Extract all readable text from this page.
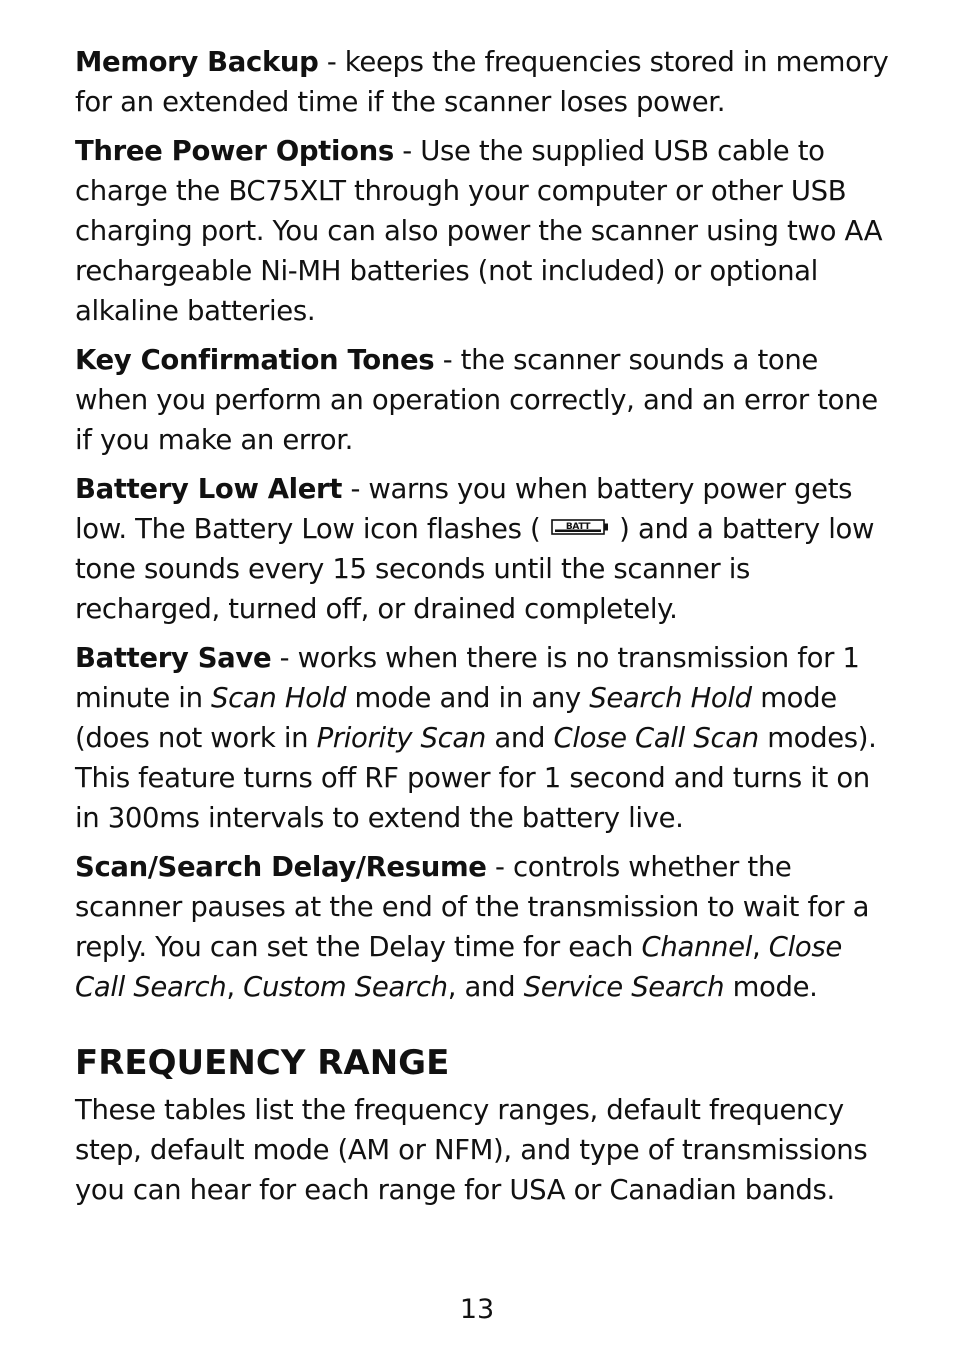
Memory Backup - keeps the frequencies stored in memory for an extended time if the scanner loses power.

Three Power Options - Use the supplied USB cable to charge the BC75XLT through your computer or other USB charging port. You can also power the scanner using two AA rechargeable Ni-MH batteries (not included) or optional alkaline batteries.

Key Confirmation Tones - the scanner sounds a tone when you perform an operation correctly, and an error tone if you make an error.

Battery Low Alert - warns you when battery power gets low. The Battery Low icon flashes ( BATT ) and a battery low tone sounds every 15 seconds until the scanner is recharged, turned off, or drained completely.

Battery Save - works when there is no transmission for 1 minute in Scan Hold mode and in any Search Hold mode (does not work in Priority Scan and Close Call Scan modes). This feature turns off RF power for 1 second and turns it on in 300ms intervals to extend the battery live.

Scan/Search Delay/Resume - controls whether the scanner pauses at the end of the transmission to wait for a reply. You can set the Delay time for each Channel, Close Call Search, Custom Search, and Service Search mode.

FREQUENCY RANGE

These tables list the frequency ranges, default frequency step, default mode (AM or NFM), and type of transmissions you can hear for each range for USA or Canadian bands.

13
